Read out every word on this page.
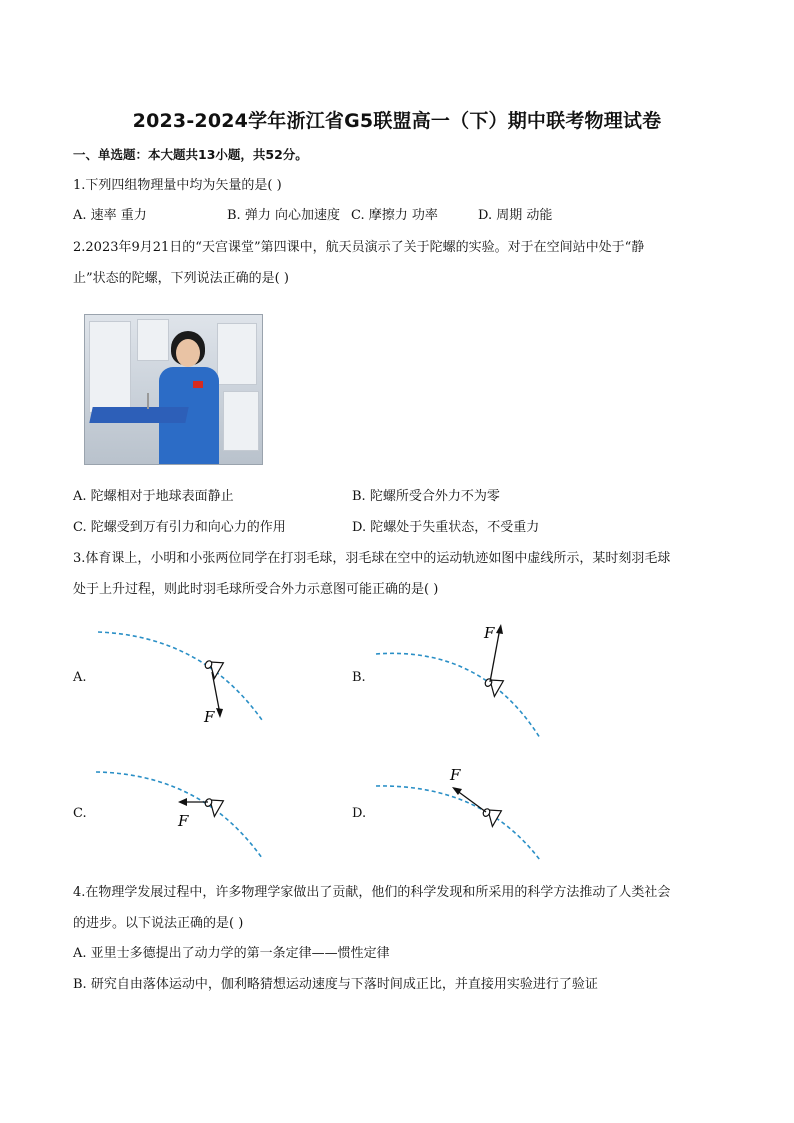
2023-2024学年浙江省G5联盟高一（下）期中联考物理试卷
一、单选题：本大题共13小题，共52分。
1.下列四组物理量中均为矢量的是( )
A. 速率 重力	B. 弹力 向心加速度 C. 摩擦力 功率	D. 周期 动能
2.2023年9月21日的“天宫课堂”第四课中，航天员演示了关于陀螺的实验。对于在空间站中处于“静
止”状态的陀螺，下列说法正确的是( )
A. 陀螺相对于地球表面静止	B. 陀螺所受合外力不为零
C. 陀螺受到万有引力和向心力的作用	D. 陀螺处于失重状态，不受重力
3.体育课上，小明和小张两位同学在打羽毛球，羽毛球在空中的运动轨迹如图中虚线所示，某时刻羽毛球
处于上升过程，则此时羽毛球所受合外力示意图可能正确的是( )
A.	B.
C.	D.
F
F
F
F
4.在物理学发展过程中，许多物理学家做出了贡献，他们的科学发现和所采用的科学方法推动了人类社会
的进步。以下说法正确的是( )
A. 亚里士多德提出了动力学的第一条定律——惯性定律
B. 研究自由落体运动中，伽利略猜想运动速度与下落时间成正比，并直接用实验进行了验证
